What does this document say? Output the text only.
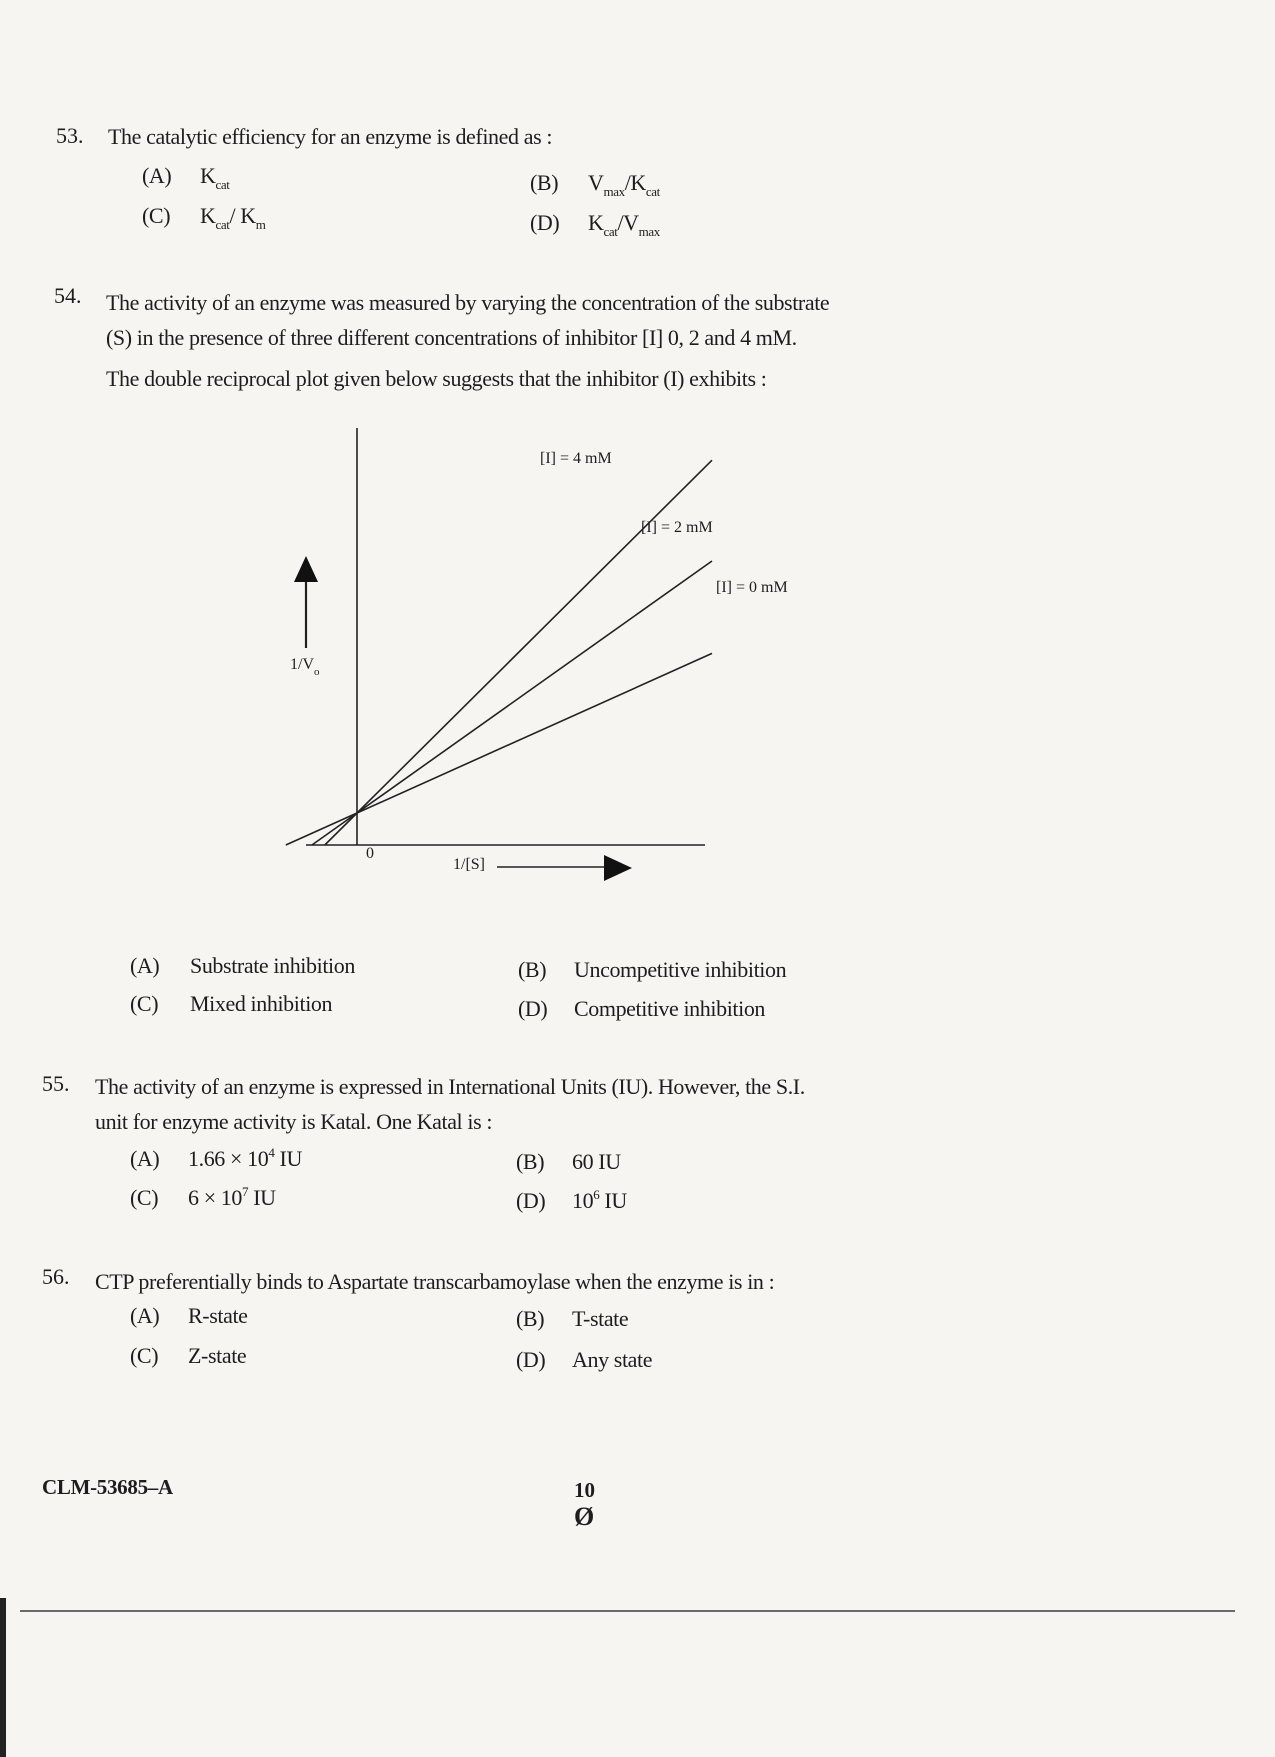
53. The catalytic efficiency for an enzyme is defined as :
(A) $K_{cat}$	(B) $V_{max}/K_{cat}$
(C) $K_{cat}/$ $K_m$	(D) $K_{cat}/V_{max}$
54. The activity of an enzyme was measured by varying the concentration of the substrate
(S) in the presence of three different concentrations of inhibitor [I] 0, 2 and 4 mM.
The double reciprocal plot given below suggests that the inhibitor (I) exhibits :
$1/V_o$
1/[S]
0
[I] = 4 mM
[I] = 2 mM
[I] = 0 mM
(A) Substrate inhibition	(B) Uncompetitive inhibition
(C) Mixed inhibition	(D) Competitive inhibition
55. The activity of an enzyme is expressed in International Units (IU). However, the S.I.
unit for enzyme activity is Katal. One Katal is :
(A) $1.66 \times 10^4$ IU	(B) 60 IU
(C) $6 \times 10^7$ IU	(D) $10^6$ IU
56. CTP preferentially binds to Aspartate transcarbamoylase when the enzyme is in :
(A) R-state	(B) T-state
(C) Z-state	(D) Any state
CLM-53685–A	10
Ø
